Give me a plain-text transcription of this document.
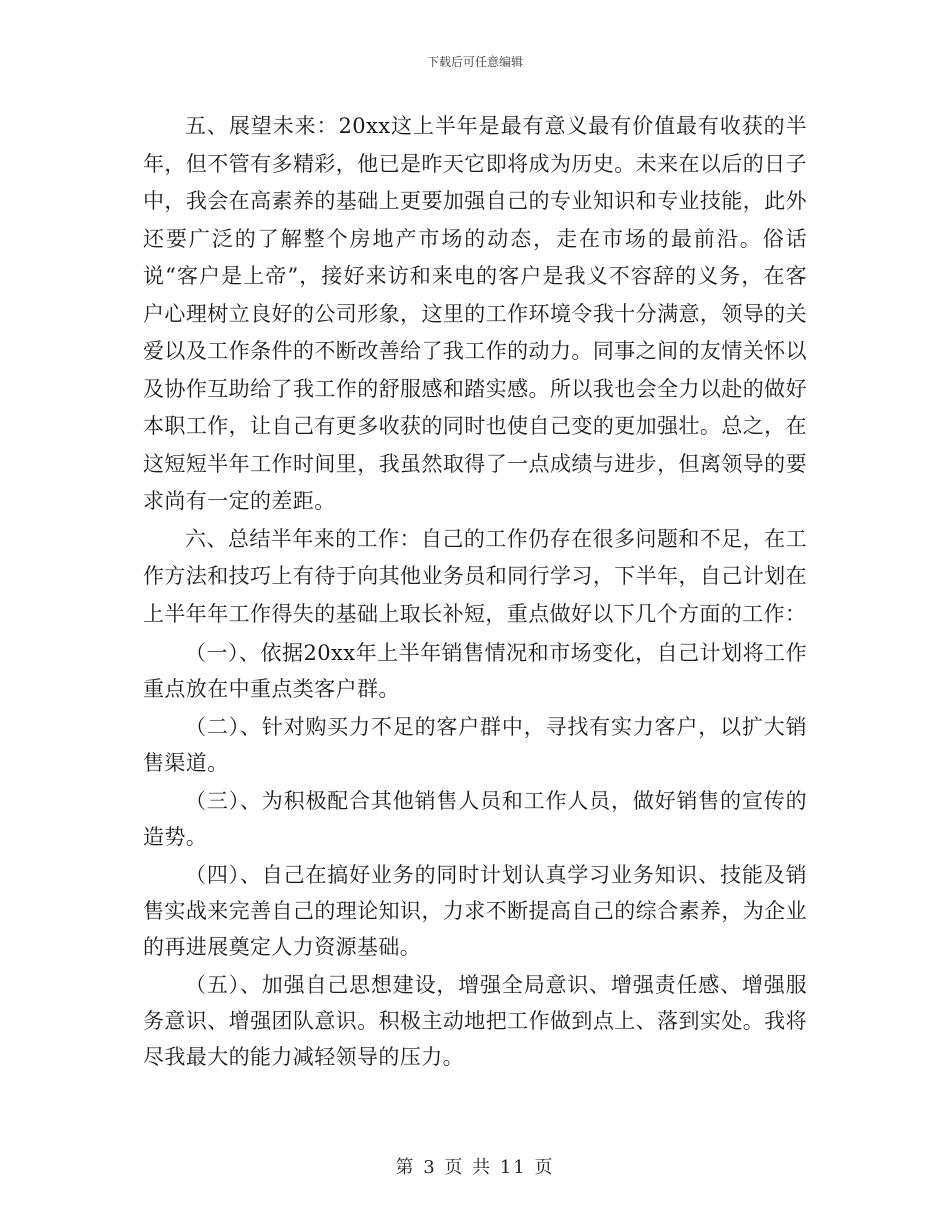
下载后可任意编辑

五、展望未来：20xx这上半年是最有意义最有价值最有收获的半年，但不管有多精彩，他已是昨天它即将成为历史。未来在以后的日子中，我会在高素养的基础上更要加强自己的专业知识和专业技能，此外还要广泛的了解整个房地产市场的动态，走在市场的最前沿。俗话说“客户是上帝”，接好来访和来电的客户是我义不容辞的义务，在客户心理树立良好的公司形象，这里的工作环境令我十分满意，领导的关爱以及工作条件的不断改善给了我工作的动力。同事之间的友情关怀以及协作互助给了我工作的舒服感和踏实感。所以我也会全力以赴的做好本职工作，让自己有更多收获的同时也使自己变的更加强壮。总之，在这短短半年工作时间里，我虽然取得了一点成绩与进步，但离领导的要求尚有一定的差距。

六、总结半年来的工作：自己的工作仍存在很多问题和不足，在工作方法和技巧上有待于向其他业务员和同行学习，下半年，自己计划在上半年年工作得失的基础上取长补短，重点做好以下几个方面的工作：

（一）、依据20xx年上半年销售情况和市场变化，自己计划将工作重点放在中重点类客户群。

（二）、针对购买力不足的客户群中，寻找有实力客户，以扩大销售渠道。

（三）、为积极配合其他销售人员和工作人员，做好销售的宣传的造势。

（四）、自己在搞好业务的同时计划认真学习业务知识、技能及销售实战来完善自己的理论知识，力求不断提高自己的综合素养，为企业的再进展奠定人力资源基础。

（五）、加强自己思想建设，增强全局意识、增强责任感、增强服务意识、增强团队意识。积极主动地把工作做到点上、落到实处。我将尽我最大的能力减轻领导的压力。

第 3 页 共 11 页
